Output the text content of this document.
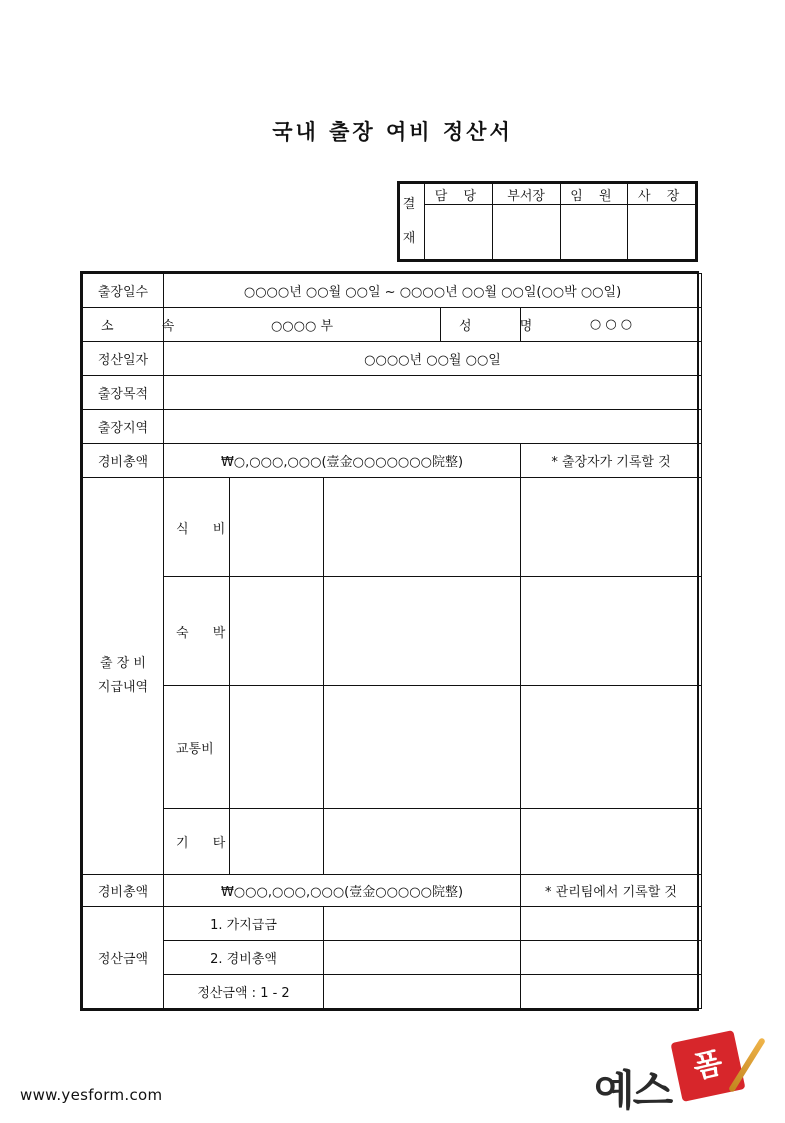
국내 출장 여비 정산서
결
재	담 당	부서장	임 원	사 장

출장일수	○○○○년 ○○월 ○○일 ~ ○○○○년 ○○월 ○○일(○○박 ○○일)				
소 속	○○○○ 부			성 명	○ ○ ○
정산일자	○○○○년 ○○월 ○○일				
출장목적					
출장지역					
경비총액	₩○,○○○,○○○(壹金○○○○○○○院整)				* 출장자가 기록할 것

출 장 비
지급내역	식 비				
	숙 박				
	교통비				
	기 타				
경비총액	₩○○○,○○○,○○○(壹金○○○○○院整)				* 관리팀에서 기록할 것
정산금액	1. 가지급금				
	2. 경비총액				
	정산금액 : 1 - 2				
www.yesform.com	예스
폼
